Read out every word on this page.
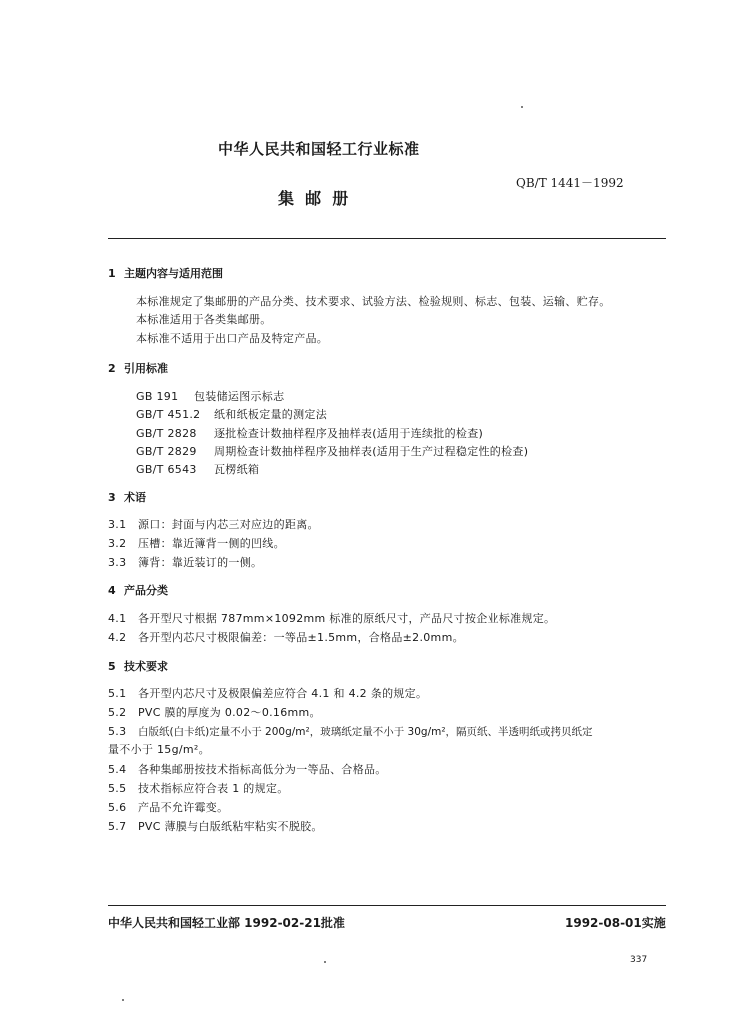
中华人民共和国轻工行业标准
QB/T 1441－1992
集  邮  册
1 主题内容与适用范围
本标准规定了集邮册的产品分类、技术要求、试验方法、检验规则、标志、包装、运输、贮存。
本标准适用于各类集邮册。
本标准不适用于出口产品及特定产品。
2 引用标准
GB 191 包装储运图示标志
GB/T 451.2 纸和纸板定量的测定法
GB/T 2828 逐批检查计数抽样程序及抽样表(适用于连续批的检查)
GB/T 2829 周期检查计数抽样程序及抽样表(适用于生产过程稳定性的检查)
GB/T 6543 瓦楞纸箱
3 术语
3.1 源口：封面与内芯三对应边的距离。
3.2 压槽：靠近簿背一侧的凹线。
3.3 簿背：靠近装订的一侧。
4 产品分类
4.1 各开型尺寸根据 787mm×1092mm 标准的原纸尺寸，产品尺寸按企业标准规定。
4.2 各开型内芯尺寸极限偏差：一等品±1.5mm，合格品±2.0mm。
5 技术要求
5.1 各开型内芯尺寸及极限偏差应符合 4.1 和 4.2 条的规定。
5.2 PVC 膜的厚度为 0.02～0.16mm。
5.3 白版纸(白卡纸)定量不小于 200g/m²，玻璃纸定量不小于 30g/m²，隔页纸、半透明纸或拷贝纸定
量不小于 15g/m²。
5.4 各种集邮册按技术指标高低分为一等品、合格品。
5.5 技术指标应符合表 1 的规定。
5.6 产品不允许霉变。
5.7 PVC 薄膜与白版纸粘牢粘实不脱胶。
中华人民共和国轻工业部 1992-02-21批准	1992-08-01实施
337
